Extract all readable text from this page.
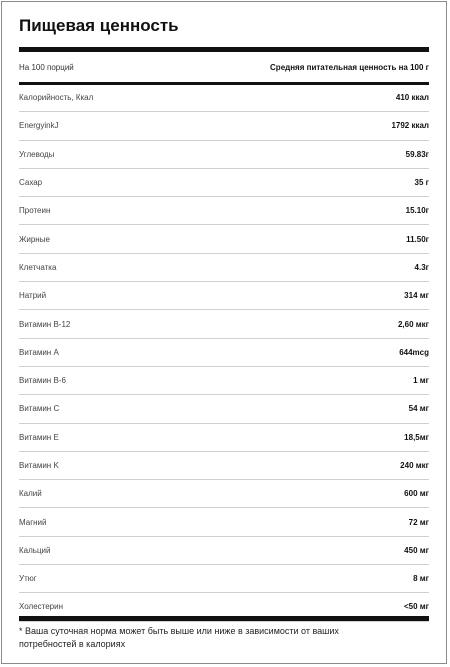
Пищевая ценность
На 100 порций	Средняя питательная ценность на 100 г
Калорийность, Ккал	410 ккал
EnergyinkJ	1792 ккал
Углеводы	59.83г
Сахар	35 г
Протеин	15.10г
Жирные	11.50г
Клетчатка	4.3г
Натрий	314 мг
Витамин B-12	2,60 мкг
Витамин A	644mcg
Витамин B-6	1 мг
Витамин C	54 мг
Витамин E	18,5мг
Витамин K	240 мкг
Калий	600 мг
Магний	72 мг
Кальций	450 мг
Утюг	8 мг
Холестерин	<50 мг
* Ваша суточная норма может быть выше или ниже в зависимости от ваших потребностей в калориях
